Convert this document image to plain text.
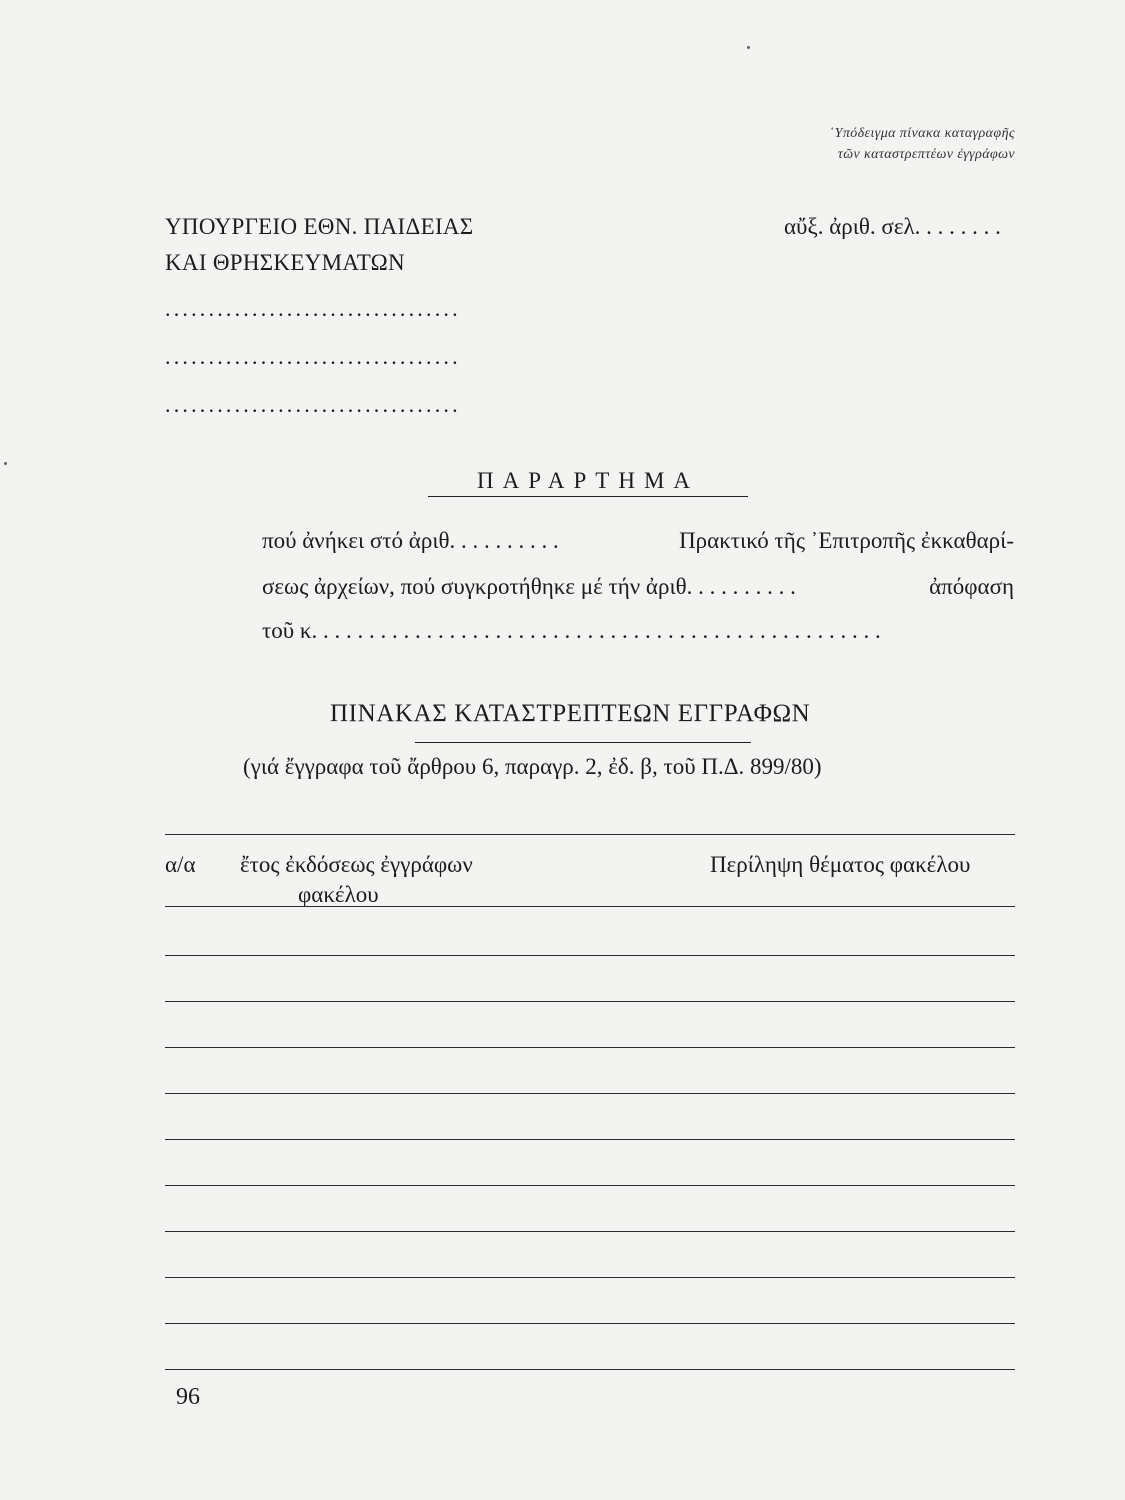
῾Υπόδειγμα πίνακα καταγραφῆς
τῶν καταστρεπτέων ἐγγράφων
ΥΠΟΥΡΓΕΙΟ ΕΘΝ. ΠΑΙΔΕΙΑΣ
ΚΑΙ ΘΡΗΣΚΕΥΜΑΤΩΝ
αὔξ. ἀριθ. σελ. . . . . . . .
..................................
..................................
..................................
ΠΑΡΑΡΤΗΜΑ
πού ἀνήκει στό ἀριθ. . . . . . . . . .	Πρακτικό τῆς ᾿Επιτροπῆς ἐκκαθαρί-
σεως ἀρχείων, πού συγκροτήθηκε μέ τήν ἀριθ. . . . . . . . . .	ἀπόφαση
τοῦ κ. . . . . . . . . . . . . . . . . . . . . . . . . . . . . . . . . . . . . . . . . . . . . . . . . .
ΠΙΝΑΚΑΣ ΚΑΤΑΣΤΡΕΠΤΕΩΝ ΕΓΓΡΑΦΩΝ
(γιά ἔγγραφα τοῦ ἄρθρου 6, παραγρ. 2, ἐδ. β, τοῦ Π.Δ. 899/80)
α/α ἔτος ἐκδόσεως ἐγγράφων
φακέλου
Περίληψη θέματος φακέλου
96
